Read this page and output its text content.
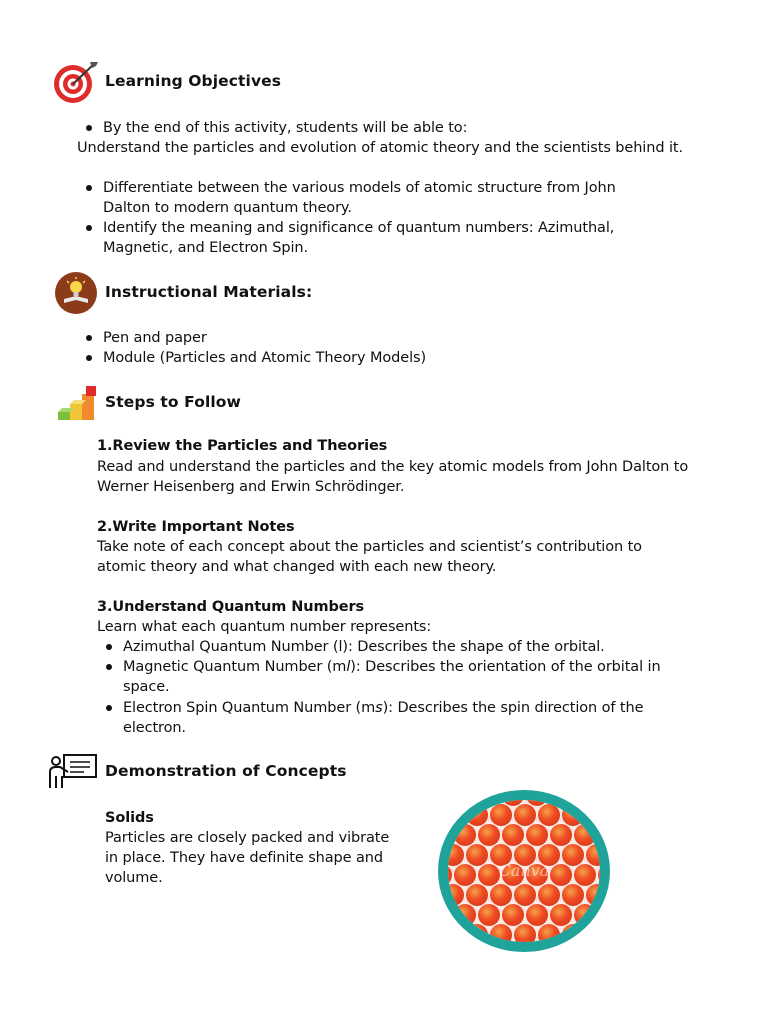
Learning Objectives
By the end of this activity, students will be able to:
Understand the particles and evolution of atomic theory and the scientists behind it.
Differentiate between the various models of atomic structure from John Dalton to modern quantum theory.
Identify the meaning and significance of quantum numbers: Azimuthal, Magnetic, and Electron Spin.
Instructional Materials:
Pen and paper
Module (Particles and Atomic Theory Models)
Steps to Follow
1.Review the Particles and Theories
Read and understand the particles and the key atomic models from John Dalton to Werner Heisenberg and Erwin Schrödinger.
2.Write Important Notes
Take note of each concept about the particles and scientist’s contribution to atomic theory and what changed with each new theory.
3.Understand Quantum Numbers
Learn what each quantum number represents:
Azimuthal Quantum Number (l): Describes the shape of the orbital.
Magnetic Quantum Number (ml): Describes the orientation of the orbital in
space.
Electron Spin Quantum Number (ms): Describes the spin direction of the
electron.
Demonstration of Concepts
Solids
Particles are closely packed and vibrate in place. They have definite shape and volume.	Canva
